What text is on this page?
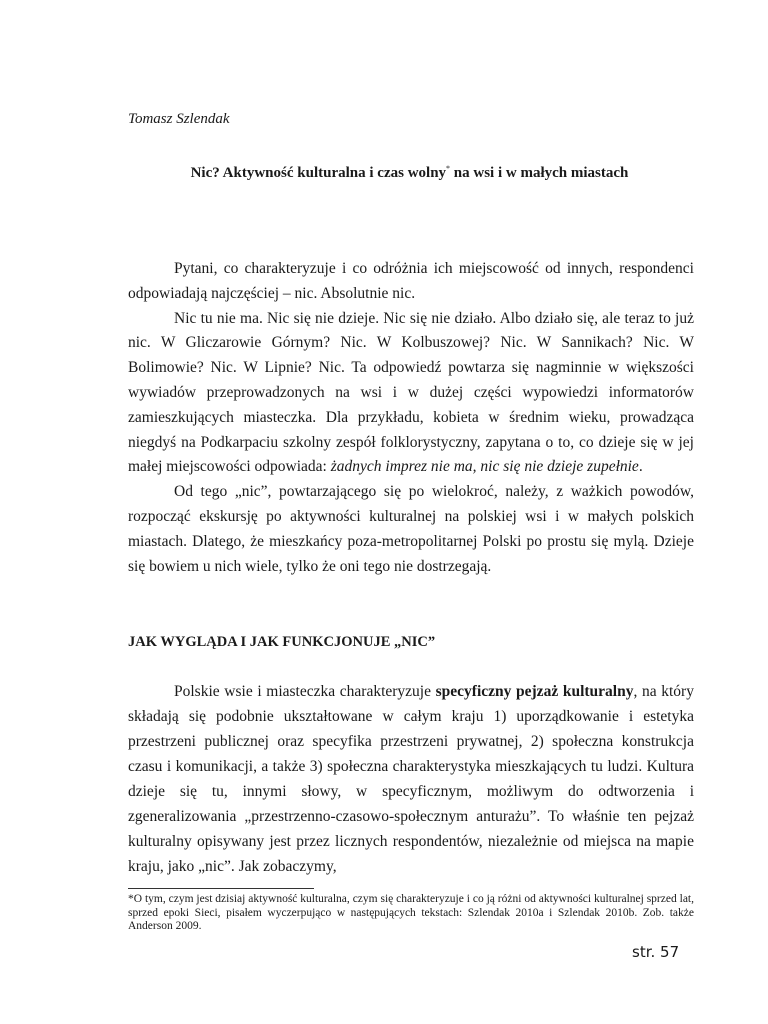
Tomasz Szlendak
Nic? Aktywność kulturalna i czas wolny* na wsi i w małych miastach

Pytani, co charakteryzuje i co odróżnia ich miejscowość od innych, respondenci odpowiadają najczęściej – nic. Absolutnie nic.

Nic tu nie ma. Nic się nie dzieje. Nic się nie działo. Albo działo się, ale teraz to już nic. W Gliczarowie Górnym? Nic. W Kolbuszowej? Nic. W Sannikach? Nic. W Bolimowie? Nic. W Lipnie? Nic. Ta odpowiedź powtarza się nagminnie w większości wywiadów przeprowadzonych na wsi i w dużej części wypowiedzi informatorów zamieszkujących miasteczka. Dla przykładu, kobieta w średnim wieku, prowadząca niegdyś na Podkarpaciu szkolny zespół folklorystyczny, zapytana o to, co dzieje się w jej małej miejscowości odpowiada: żadnych imprez nie ma, nic się nie dzieje zupełnie.

Od tego „nic”, powtarzającego się po wielokroć, należy, z ważkich powodów, rozpocząć ekskursję po aktywności kulturalnej na polskiej wsi i w małych polskich miastach. Dlatego, że mieszkańcy poza-metropolitarnej Polski po prostu się mylą. Dzieje się bowiem u nich wiele, tylko że oni tego nie dostrzegają.

JAK WYGLĄDA I JAK FUNKCJONUJE „NIC”

Polskie wsie i miasteczka charakteryzuje specyficzny pejzaż kulturalny, na który składają się podobnie ukształtowane w całym kraju 1) uporządkowanie i estetyka przestrzeni publicznej oraz specyfika przestrzeni prywatnej, 2) społeczna konstrukcja czasu i komunikacji, a także 3) społeczna charakterystyka mieszkających tu ludzi. Kultura dzieje się tu, innymi słowy, w specyficznym, możliwym do odtworzenia i zgeneralizowania „przestrzenno-czasowo-społecznym anturażu”. To właśnie ten pejzaż kulturalny opisywany jest przez licznych respondentów, niezależnie od miejsca na mapie kraju, jako „nic”. Jak zobaczymy,

*O tym, czym jest dzisiaj aktywność kulturalna, czym się charakteryzuje i co ją różni od aktywności kulturalnej sprzed lat, sprzed epoki Sieci, pisałem wyczerpująco w następujących tekstach: Szlendak 2010a i Szlendak 2010b. Zob. także Anderson 2009.
str. 57
